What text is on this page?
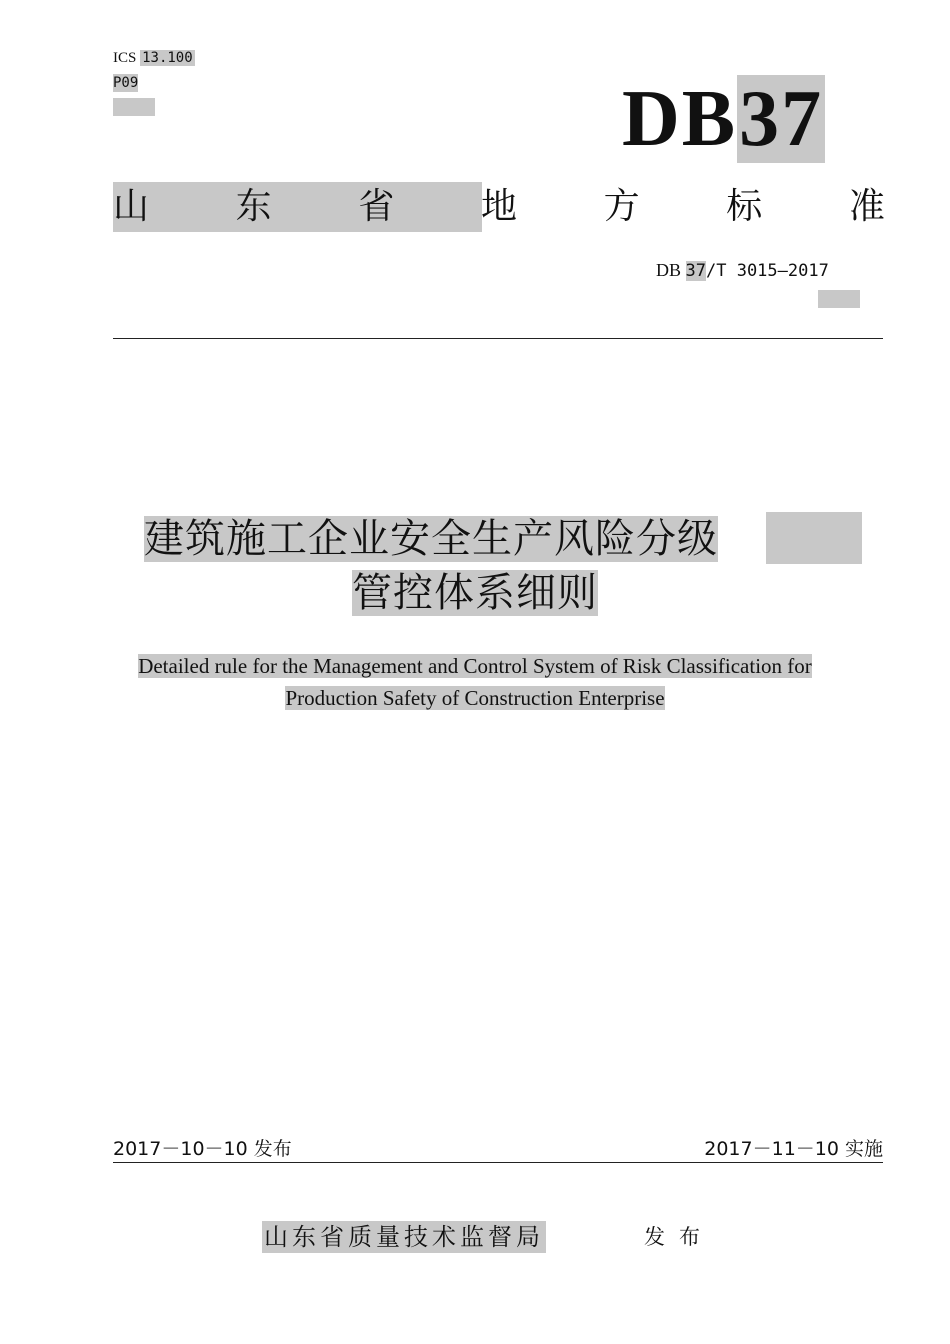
ICS 13.100
P09	DB37
山 东 省 地 方 标 准
DB 37/T 3015—2017
建筑施工企业安全生产风险分级
管控体系细则
Detailed rule for the Management and Control System of Risk Classification for
Production Safety of Construction Enterprise
2017－10－10 发布	2017－11－10 实施
山东省质量技术监督局	发布
